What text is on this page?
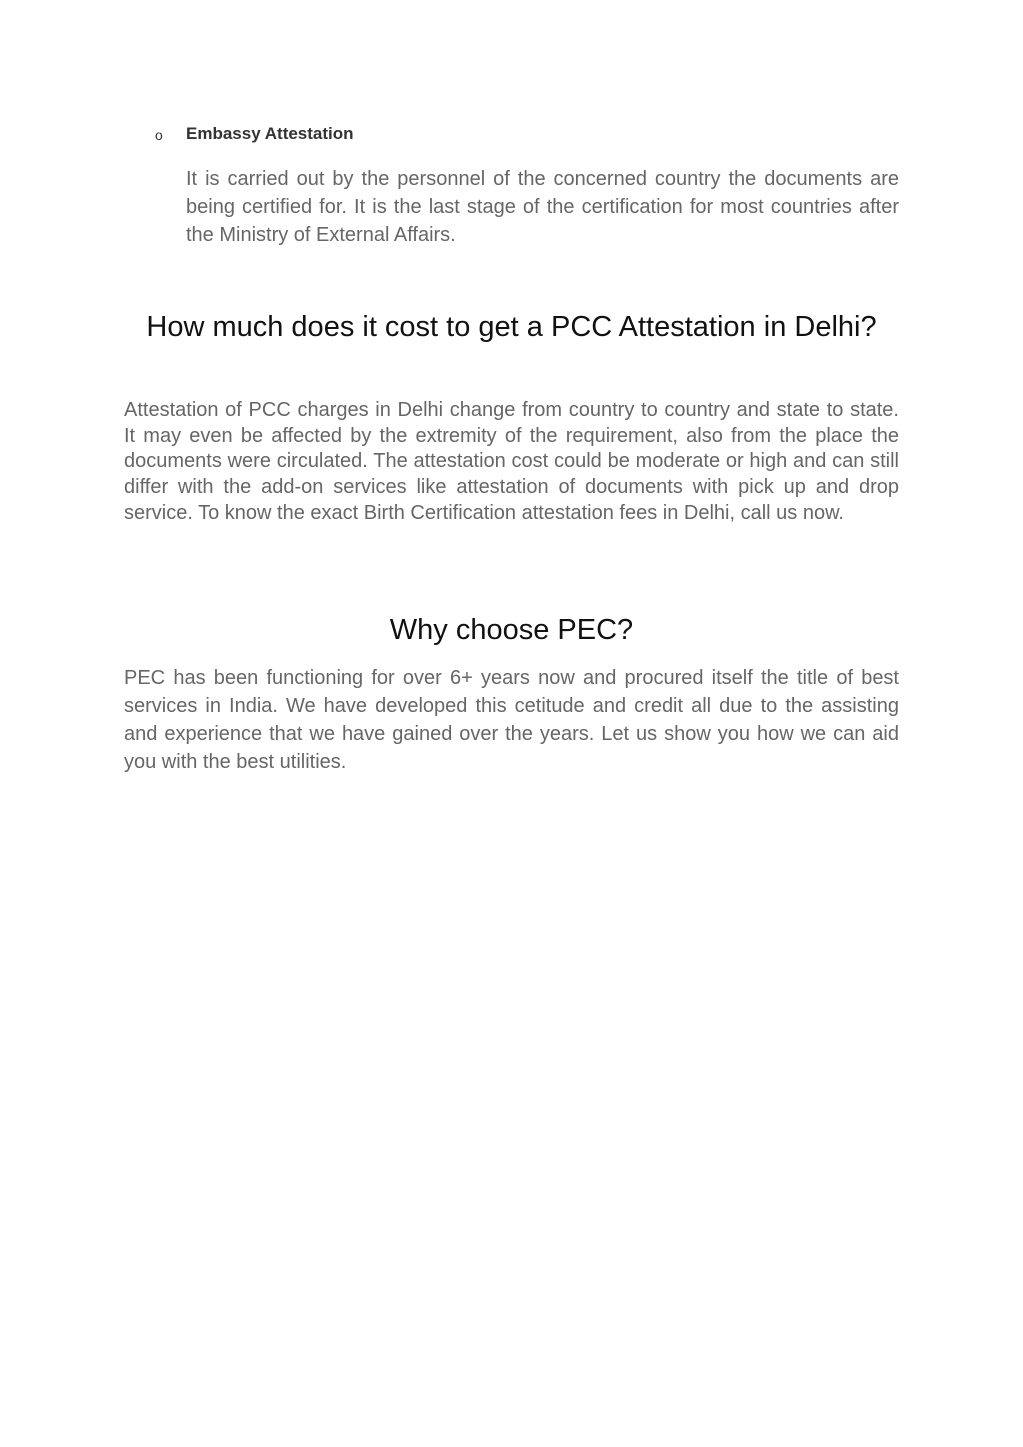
o Embassy Attestation

It is carried out by the personnel of the concerned country the documents are being certified for. It is the last stage of the certification for most countries after the Ministry of External Affairs.

How much does it cost to get a PCC Attestation in Delhi?

Attestation of PCC charges in Delhi change from country to country and state to state. It may even be affected by the extremity of the requirement, also from the place the documents were circulated. The attestation cost could be moderate or high and can still differ with the add-on services like attestation of documents with pick up and drop service. To know the exact Birth Certification attestation fees in Delhi, call us now.

Why choose PEC?

PEC has been functioning for over 6+ years now and procured itself the title of best services in India. We have developed this cetitude and credit all due to the assisting and experience that we have gained over the years. Let us show you how we can aid you with the best utilities.
